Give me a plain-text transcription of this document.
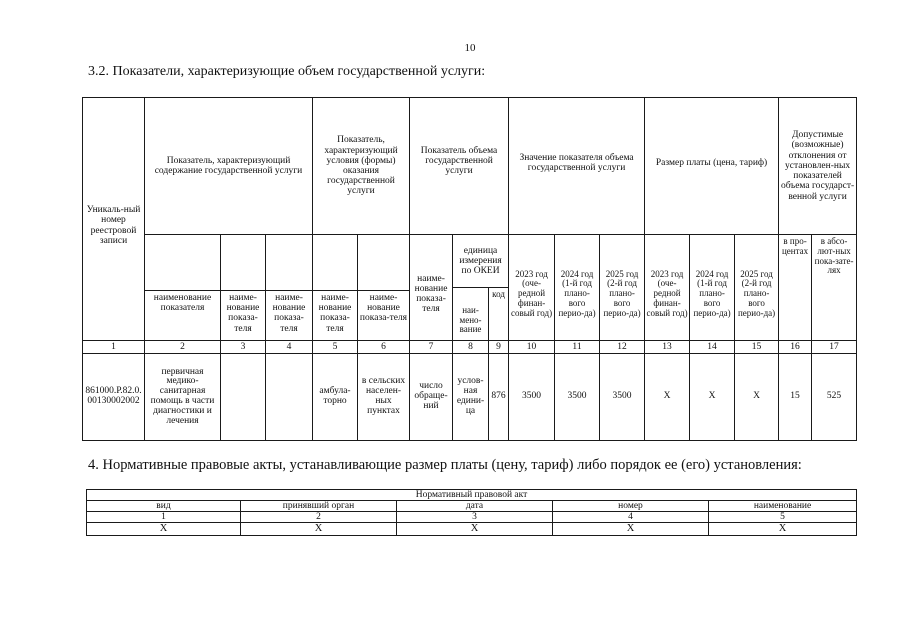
10
3.2. Показатели, характеризующие объем государственной услуги:
Уникаль-ный номер реестровой записи	Показатель, характеризующий содержание государственной услуги			Показатель, характеризующий условия (формы) оказания государственной услуги		Показатель объема государственной услуги			Значение показателя объема государственной услуги			Размер платы (цена, тариф)			Допустимые (возможные) отклонения от установлен-ных показателей объема государст-венной услуги	
						наиме-нование показа-теля	единица измерения по ОКЕИ		2023 год (оче-редной финан-совый год)	2024 год (1-й год плано-вого перио-да)	2025 год (2-й год плано-вого перио-да)	2023 год (оче-редной финан-совый год)	2024 год (1-й год плано-вого перио-да)	2025 год (2-й год плано-вого перио-да)	в про-центах	в абсо-лют-ных пока-зате-лях
							наи-мено-вание	код								
	наименование показателя	наиме-нование показа-теля	наиме-нование показа-теля	наиме-нование показа-теля	наиме-нование показа-теля											
1	2	3	4	5	6	7	8	9	10	11	12	13	14	15	16	17
861000.Р.82.0.00130002002	первичная медико-санитарная помощь в части диагностики и лечения			амбула-торно	в сельских населен-ных пунктах	число обраще-ний	услов-ная едини-ца	876	3500	3500	3500	X	X	X	15	525
4. Нормативные правовые акты, устанавливающие размер платы (цену, тариф) либо порядок ее (его) установления:
Нормативный правовой акт				
вид	принявший орган	дата	номер	наименование
1	2	3	4	5
X	X	X	X	X
